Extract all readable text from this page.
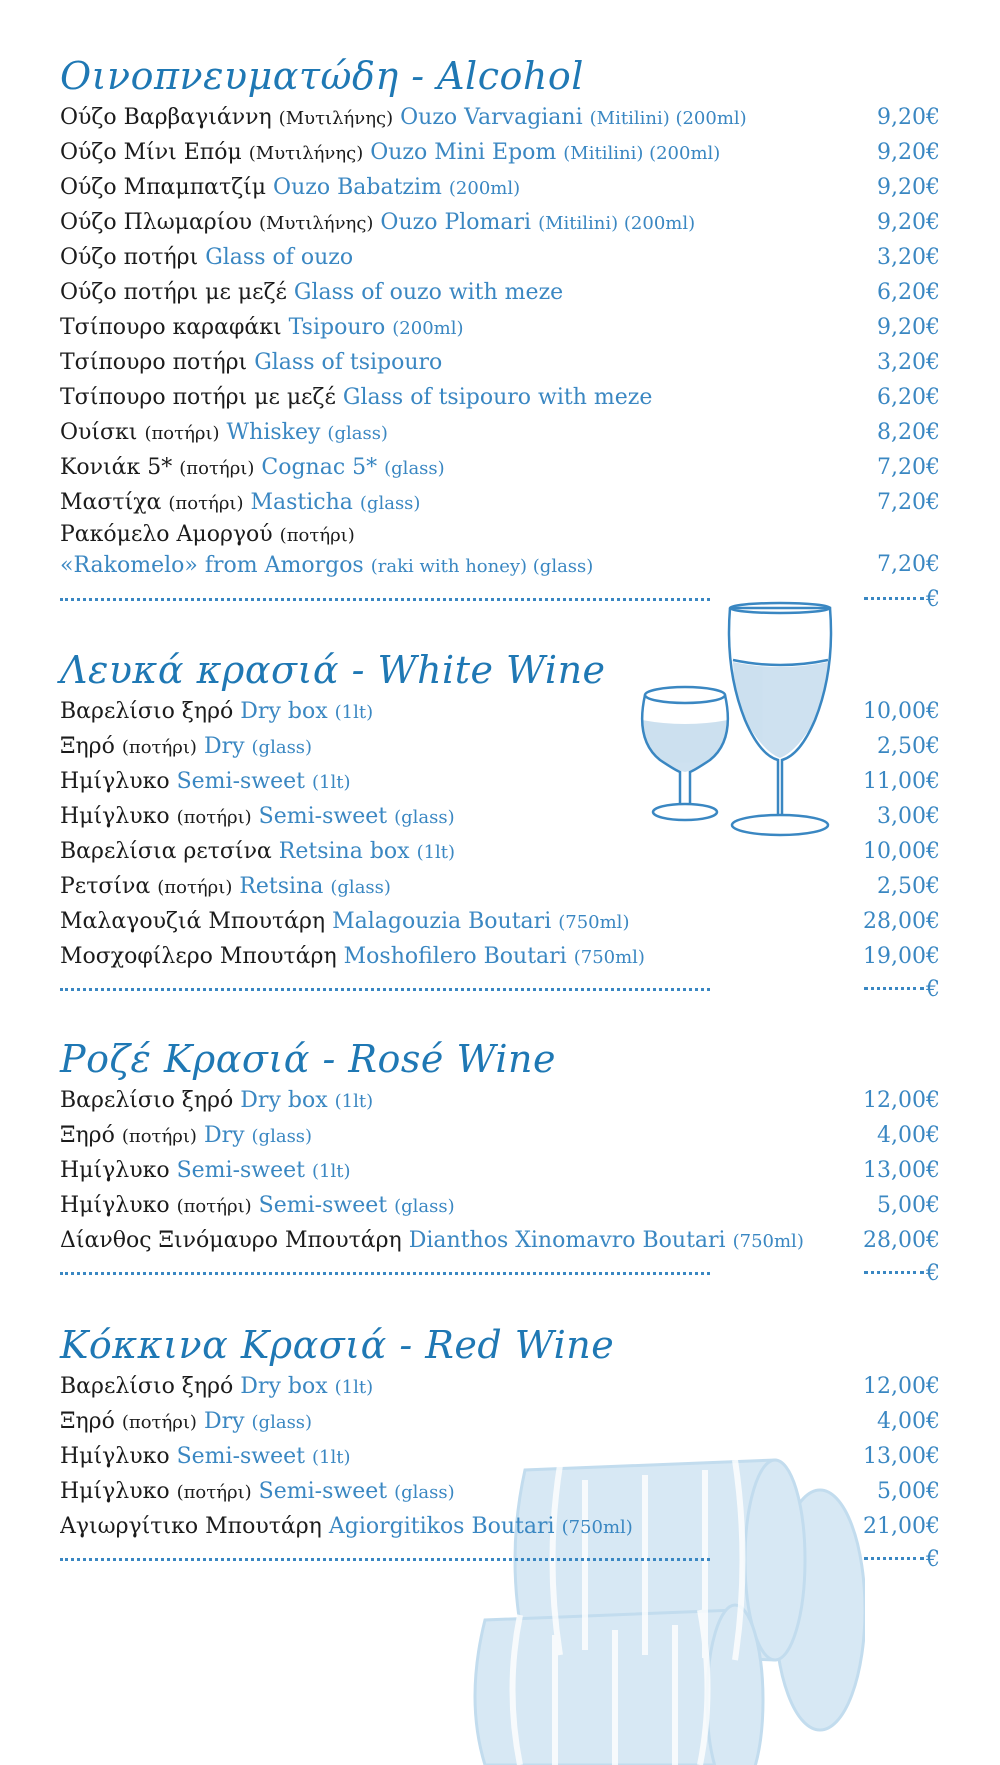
Οινοπνευματώδη - Alcohol
Ούζο Βαρβαγιάννη (Μυτιλήνης) Ouzo Varvagiani (Mitilini) (200ml)	9,20€
Ούζο Μίνι Επόμ (Μυτιλήνης) Ouzo Mini Epom (Mitilini) (200ml)	9,20€
Ούζο Μπαμπατζίμ Ouzo Babatzim (200ml)	9,20€
Ούζο Πλωμαρίου (Μυτιλήνης) Ouzo Plomari (Mitilini) (200ml)	9,20€
Ούζο ποτήρι Glass of ouzo	3,20€
Ούζο ποτήρι με μεζέ Glass of ouzo with meze	6,20€
Τσίπουρο καραφάκι Tsipouro (200ml)	9,20€
Τσίπουρο ποτήρι Glass of tsipouro	3,20€
Τσίπουρο ποτήρι με μεζέ Glass of tsipouro with meze	6,20€
Ουίσκι (ποτήρι) Whiskey (glass)	8,20€
Κονιάκ 5* (ποτήρι) Cognac 5* (glass)	7,20€
Μαστίχα (ποτήρι) Masticha (glass)	7,20€
Ρακόμελο Αμοργού (ποτήρι)
«Rakomelo» from Amorgos (raki with honey) (glass)	7,20€
€
Λευκά κρασιά - White Wine
Βαρελίσιο ξηρό Dry box (1lt)	10,00€
Ξηρό (ποτήρι) Dry (glass)	2,50€
Ημίγλυκο Semi-sweet (1lt)	11,00€
Ημίγλυκο (ποτήρι) Semi-sweet (glass)	3,00€
Βαρελίσια ρετσίνα Retsina box (1lt)	10,00€
Ρετσίνα (ποτήρι) Retsina (glass)	2,50€
Μαλαγουζιά Μπουτάρη Malagouzia Boutari (750ml)	28,00€
Μοσχοφίλερο Μπουτάρη Moshofilero Boutari (750ml)	19,00€
€
Ροζέ Κρασιά - Rosé Wine
Βαρελίσιο ξηρό Dry box (1lt)	12,00€
Ξηρό (ποτήρι) Dry (glass)	4,00€
Ημίγλυκο Semi-sweet (1lt)	13,00€
Ημίγλυκο (ποτήρι) Semi-sweet (glass)	5,00€
Δίανθος Ξινόμαυρο Μπουτάρη Dianthos Xinomavro Boutari (750ml)	28,00€
€
Κόκκινα Κρασιά - Red Wine
Βαρελίσιο ξηρό Dry box (1lt)	12,00€
Ξηρό (ποτήρι) Dry (glass)	4,00€
Ημίγλυκο Semi-sweet (1lt)	13,00€
Ημίγλυκο (ποτήρι) Semi-sweet (glass)	5,00€
Αγιωργίτικο Μπουτάρη Agiorgitikos Boutari (750ml)	21,00€
€
